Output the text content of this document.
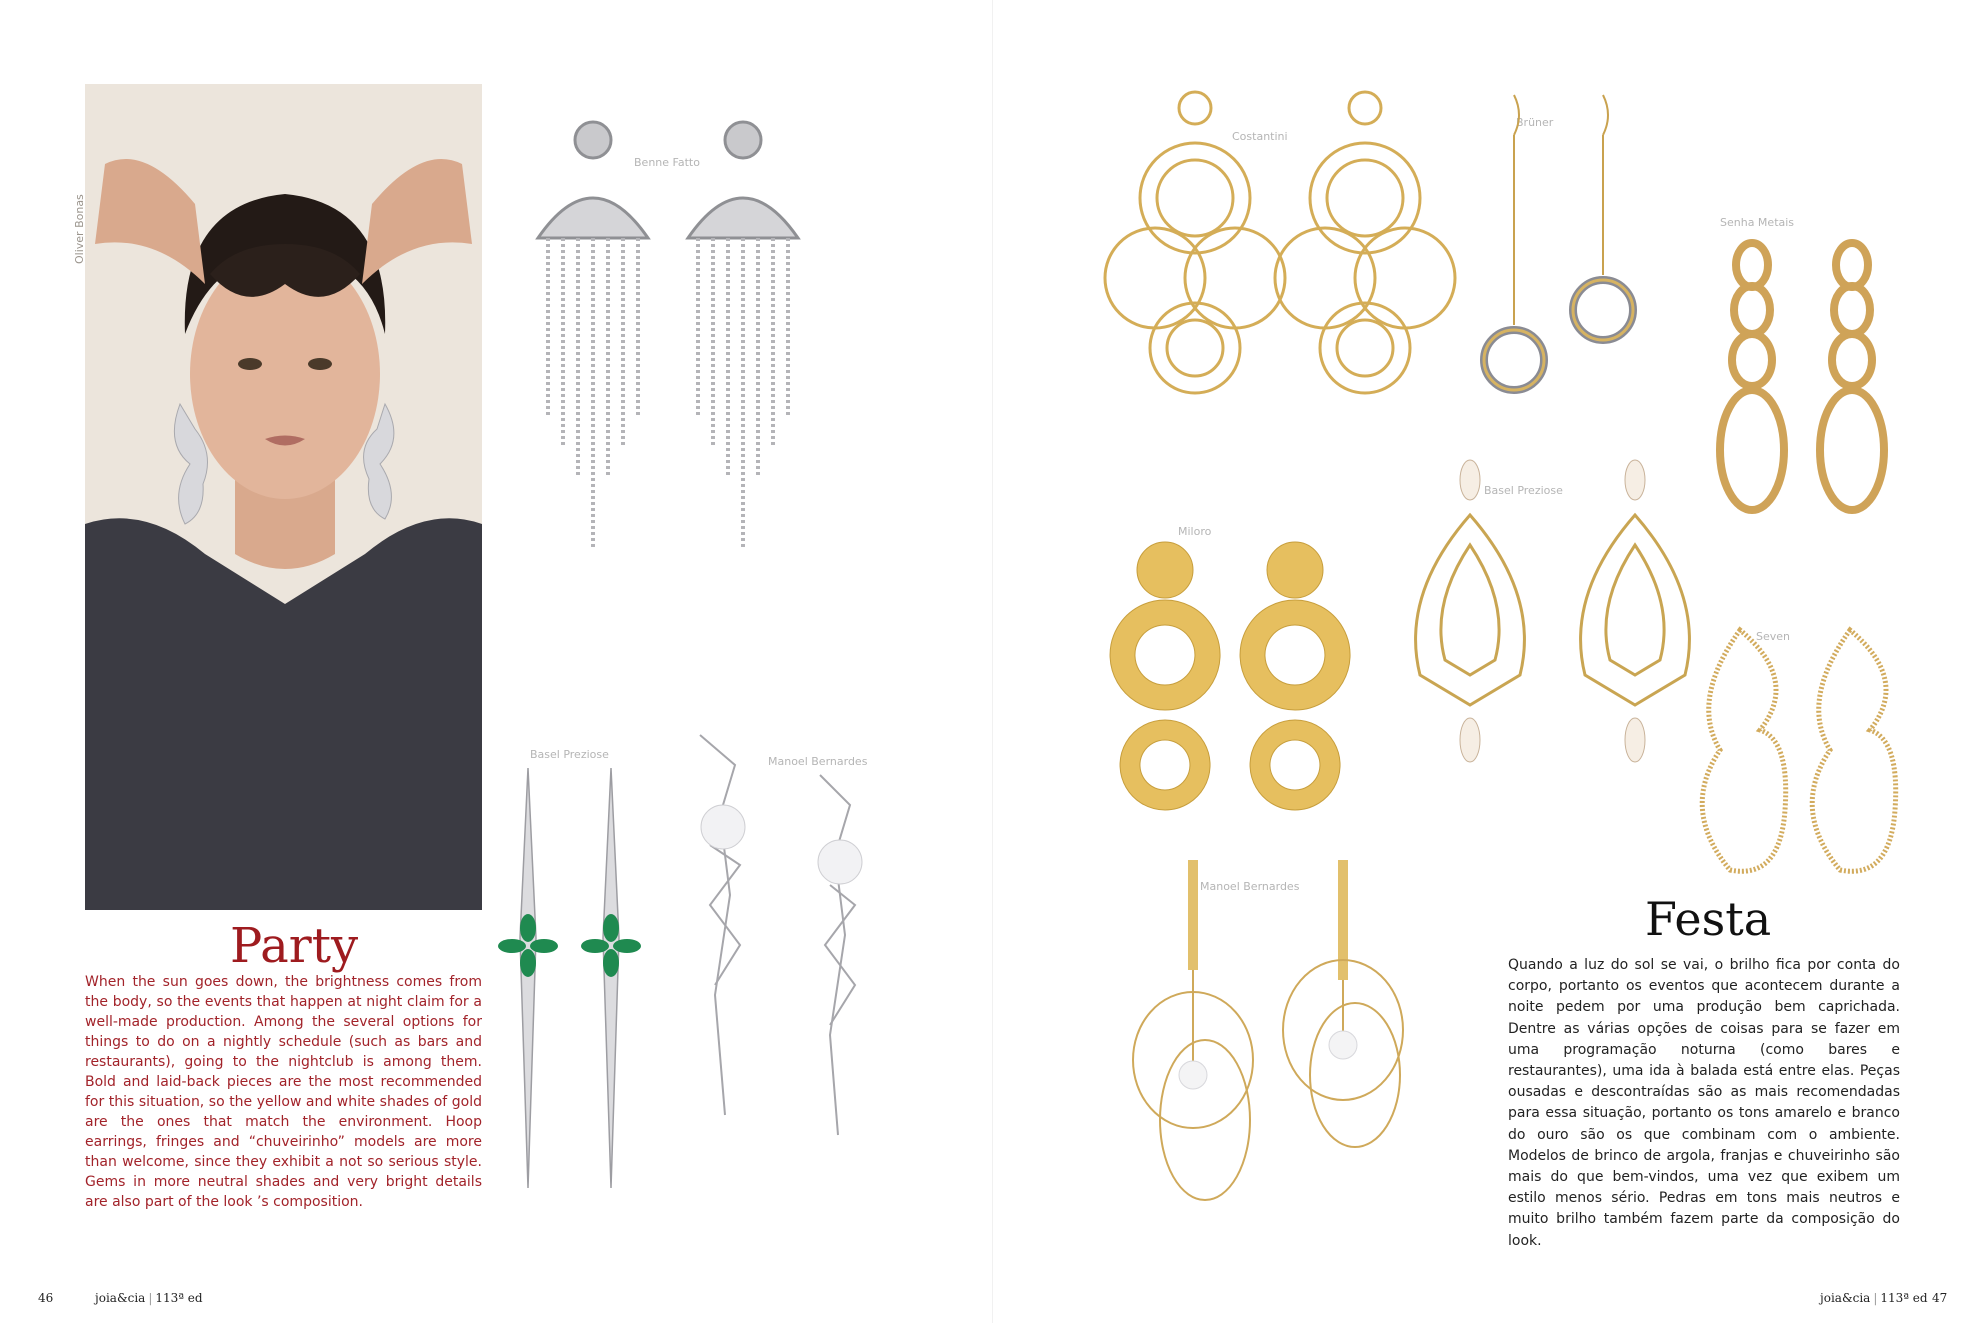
Oliver Bonas
Benne Fatto
Basel Preziose
Manoel Bernardes
Party

When the sun goes down, the brightness comes from the body, so the events that happen at night claim for a well-made production. Among the several options for things to do on a nightly schedule (such as bars and restaurants), going to the nightclub is among them. Bold and laid-back pieces are the most recommended for this situation, so the yellow and white shades of gold are the ones that match the environment. Hoop earrings, fringes and “chuveirinho” models are more than welcome, since they exhibit a not so serious style. Gems in more neutral shades and very bright details are also part of the look ’s composition.

46	joia&cia | 113ª ed
Costantini
Brüner
Senha Metais
Miloro
Basel Preziose
Seven
Manoel Bernardes
Festa

Quando a luz do sol se vai, o brilho fica por conta do corpo, portanto os eventos que acontecem durante a noite pedem por uma produção bem caprichada. Dentre as várias opções de coisas para se fazer em uma programação noturna (como bares e restaurantes), uma ida à balada está entre elas. Peças ousadas e descontraídas são as mais recomendadas para essa situação, portanto os tons amarelo e branco do ouro são os que combinam com o ambiente. Modelos de brinco de argola, franjas e chuveirinho são mais do que bem-vindos, uma vez que exibem um estilo menos sério. Pedras em tons mais neutros e muito brilho também fazem parte da composição do look.

joia&cia | 113ª ed 47
